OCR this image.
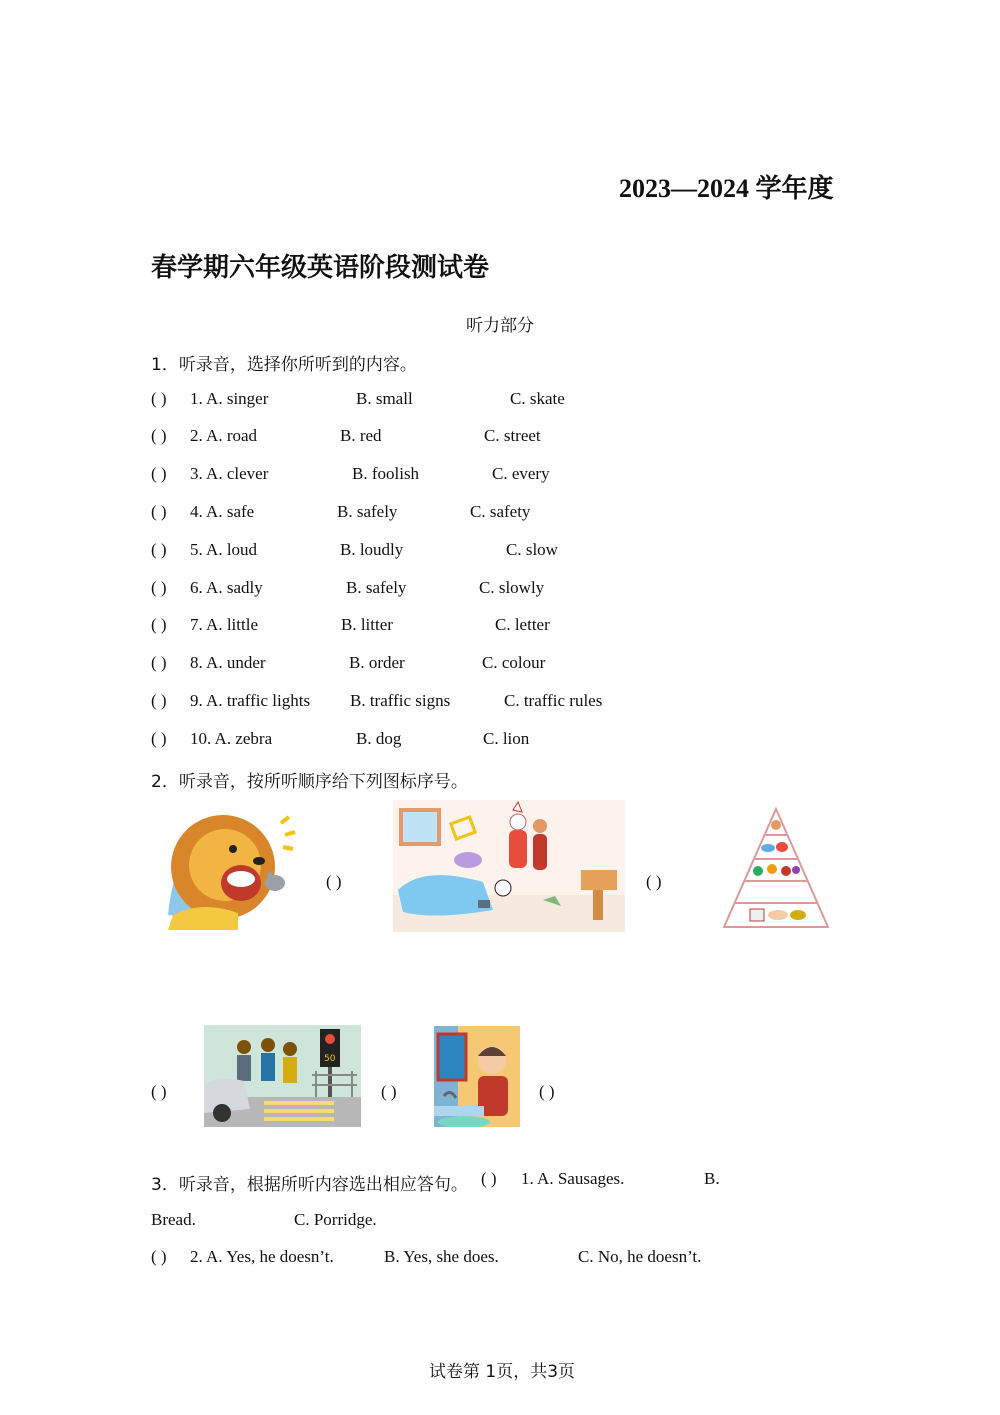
2023—2024 学年度
春学期六年级英语阶段测试卷
听力部分
1．听录音，选择你所听到的内容。
( ) 1. A. singer	B. small	C. skate
( ) 2. A. road	B. red	C. street
( ) 3. A. clever	B. foolish	C. every
( ) 4. A. safe	B. safely	C. safety
( ) 5. A. loud	B. loudly	C. slow
( ) 6. A. sadly	B. safely	C. slowly
( ) 7. A. little	B. litter	C. letter
( ) 8. A. under	B. order	C. colour
( ) 9. A. traffic lights B. traffic signs	C. traffic rules
( ) 10. A. zebra	B. dog	C. lion
2．听录音，按所听顺序给下列图标序号。
( )	( )
( )
50
( )	( )
3．听录音，根据所听内容选出相应答句。 ( ) 1. A. Sausages.	B.
Bread.	C. Porridge.
( ) 2. A. Yes, he doesn’t.	B. Yes, she does.	C. No, he doesn’t.
试卷第 1页，共3页
